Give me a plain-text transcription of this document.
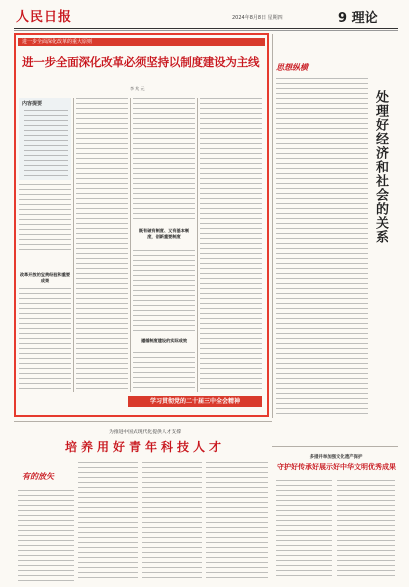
人民日报	2024年8月8日 星期四	9 理论
进一步全面深化改革的重大原则
进一步全面深化改革必须坚持以制度建设为主线
李 兆 元
内容提要
改革开放的宝贵经验和重要成果
既有破有制度、又有基本制度，创新重要制度
遵循制度建设的实际成效
学习贯彻党的二十届三中全会精神
思想纵横
处理好经济和社会的关系
多措并举加强文化遗产保护
守护好传承好展示好中华文明优秀成果
为推进中国式现代化提供人才支撑
培养用好青年科技人才
有的放矢
